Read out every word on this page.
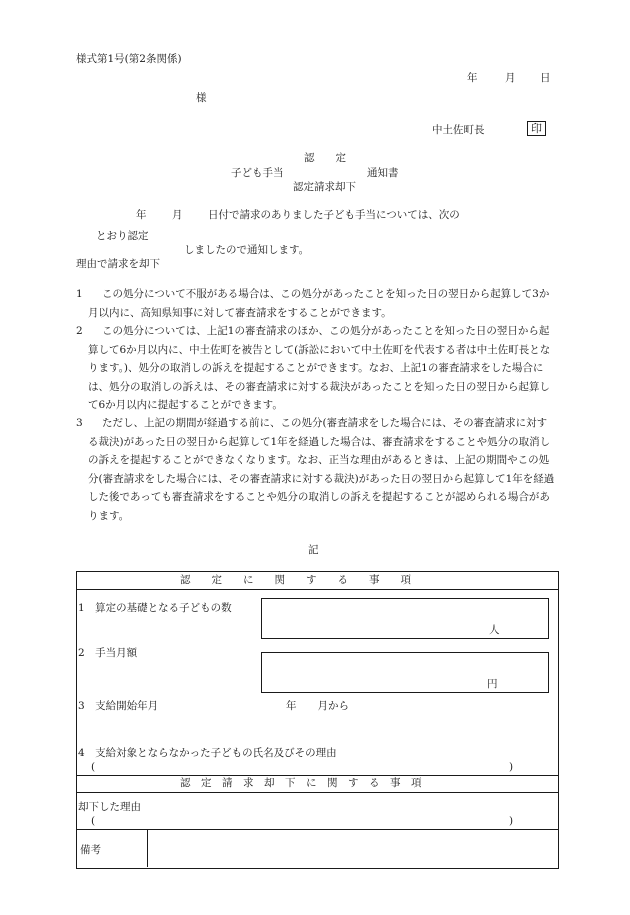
様式第1号(第2条関係)
年	月 日
様
中土佐町長	印
認　　定
子ども手当	通知書
認定請求却下
年 月 日付で請求のありました子ども手当については、次の
とおり認定
しましたので通知します。
理由で請求を却下
1	この処分について不服がある場合は、この処分があったことを知った日の翌日から起算して3か月以内に、高知県知事に対して審査請求をすることができます。
2	この処分については、上記1の審査請求のほか、この処分があったことを知った日の翌日から起算して6か月以内に、中土佐町を被告として(訴訟において中土佐町を代表する者は中土佐町長となります。)、処分の取消しの訴えを提起することができます。なお、上記1の審査請求をした場合には、処分の取消しの訴えは、その審査請求に対する裁決があったことを知った日の翌日から起算して6か月以内に提起することができます。
3	ただし、上記の期間が経過する前に、この処分(審査請求をした場合には、その審査請求に対する裁決)があった日の翌日から起算して1年を経過した場合は、審査請求をすることや処分の取消しの訴えを提起することができなくなります。なお、正当な理由があるときは、上記の期間やこの処分(審査請求をした場合には、その審査請求に対する裁決)があった日の翌日から起算して1年を経過した後であっても審査請求をすることや処分の取消しの訴えを提起することが認められる場合があります。
記
認　　定　　に　　関　　す　　る　　事　　項
1　算定の基礎となる子どもの数
人
2　手当月額
円
3　支給開始年月	年　　月から
4　支給対象とならなかった子どもの氏名及びその理由
(	)
認　定　請　求　却　下　に　関　す　る　事　項
却下した理由
(	)
備考
